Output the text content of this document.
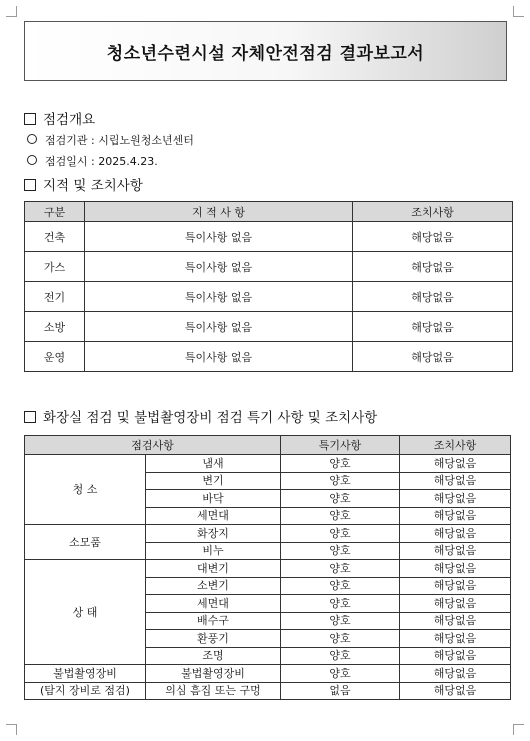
청소년수련시설 자체안전점검 결과보고서
점검개요
점검기관 : 시립노원청소년센터
점검일시 : 2025.4.23.
지적 및 조치사항
구분	지 적 사 항	조치사항
건축	특이사항 없음	해당없음
가스	특이사항 없음	해당없음
전기	특이사항 없음	해당없음
소방	특이사항 없음	해당없음
운영	특이사항 없음	해당없음
화장실 점검 및 불법촬영장비 점검 특기 사항 및 조치사항
점검사항		특기사항	조치사항
청 소	냄새	양호	해당없음
	변기	양호	해당없음
	바닥	양호	해당없음
	세면대	양호	해당없음
소모품	화장지	양호	해당없음
	비누	양호	해당없음
상 태	대변기	양호	해당없음
	소변기	양호	해당없음
	세면대	양호	해당없음
	배수구	양호	해당없음
	환풍기	양호	해당없음
	조명	양호	해당없음
불법촬영장비	불법촬영장비	양호	해당없음
(탐지 장비로 점검)	의심 흠집 또는 구멍	없음	해당없음
